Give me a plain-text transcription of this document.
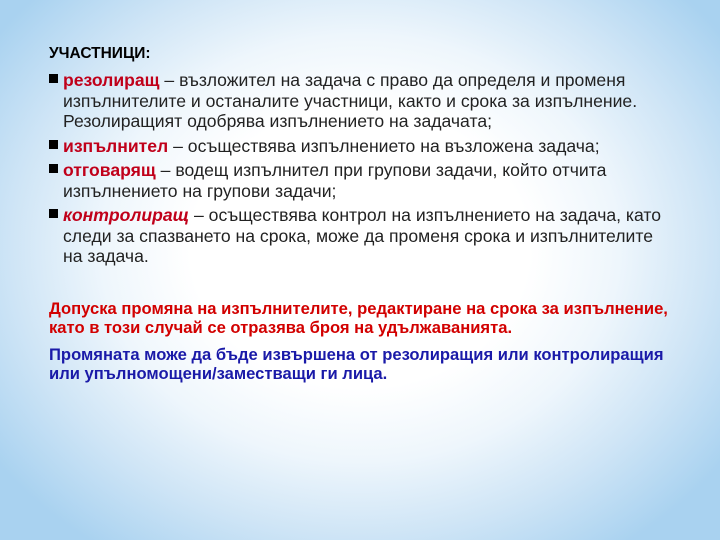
УЧАСТНИЦИ:
резолиращ – възложител на задача с право да определя и променя изпълнителите и останалите участници, както и срока за изпълнение. Резолиращият одобрява изпълнението на задачата;
изпълнител – осъществява изпълнението на възложена задача;
отговарящ – водещ изпълнител при групови задачи, който отчита изпълнението на групови задачи;
контролиращ – осъществява контрол на изпълнението на задача, като следи за спазването на срока, може да променя срока и изпълнителите на задача.

Допуска промяна на изпълнителите, редактиране на срока за изпълнение, като в този случай се отразява броя на удължаванията.

Промяната може да бъде извършена от резолиращия или контролиращия или упълномощени/заместващи ги лица.
